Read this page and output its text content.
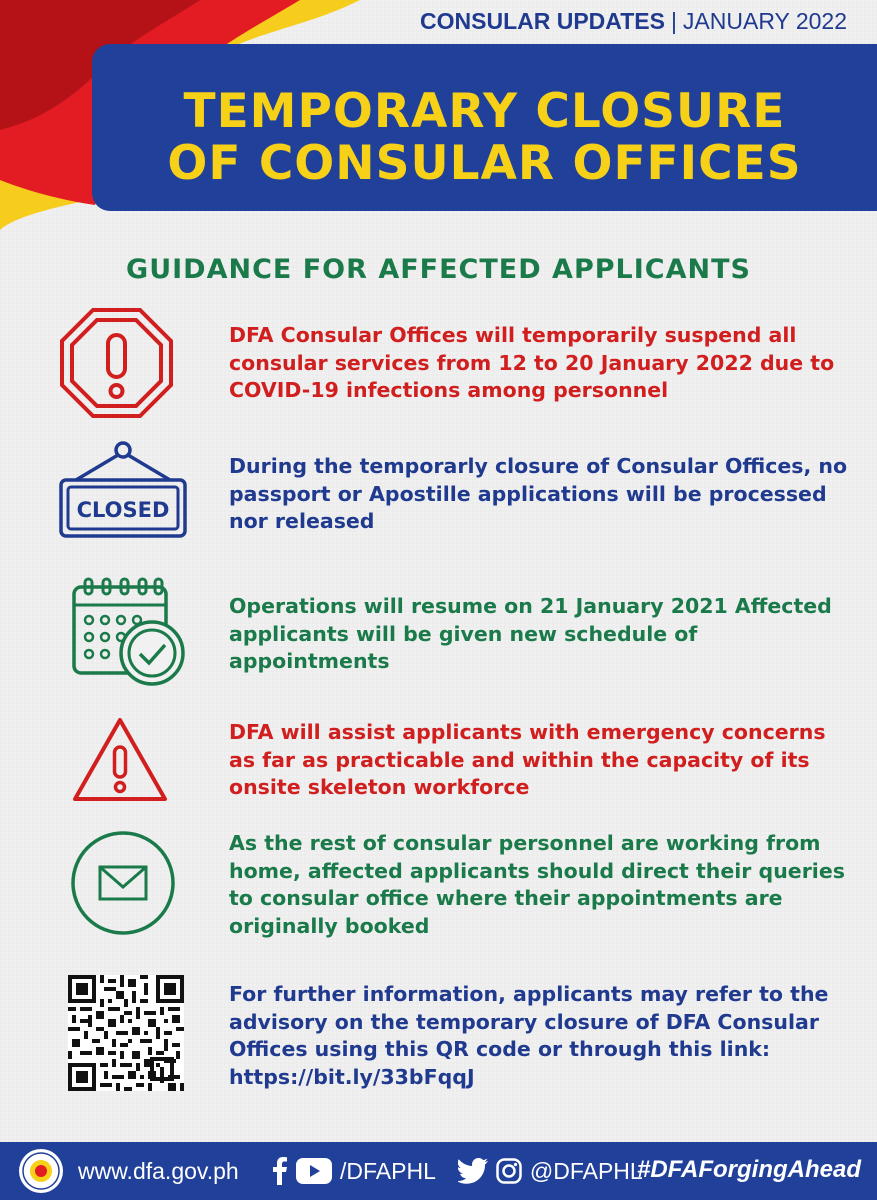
CONSULAR UPDATES | JANUARY 2022
TEMPORARY CLOSURE
OF CONSULAR OFFICES
GUIDANCE FOR AFFECTED APPLICANTS
DFA Consular Offices will temporarily suspend all consular services from 12 to 20 January 2022 due to COVID-19 infections among personnel
CLOSED
During the temporarly closure of Consular Offices, no passport or Apostille applications will be processed nor released
Operations will resume on 21 January 2021 Affected applicants will be given new schedule of appointments
DFA will assist applicants with emergency concerns as far as practicable and within the capacity of its onsite skeleton workforce
As the rest of consular personnel are working from home, affected applicants should direct their queries to consular office where their appointments are originally booked
For further information, applicants may refer to the advisory on the temporary closure of DFA Consular Offices using this QR code or through this link: https://bit.ly/33bFqqJ
www.dfa.gov.ph	/DFAPHL	@DFAPHL
#DFAForgingAhead
